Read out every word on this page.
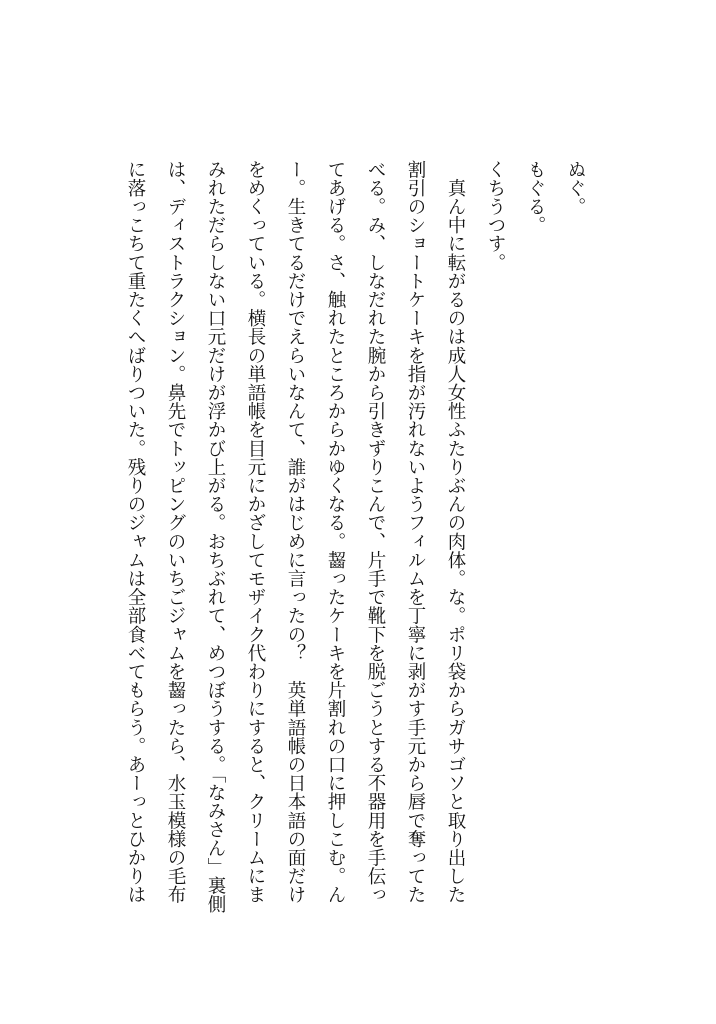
ぬぐ。
もぐる。
くちうつす。
　真ん中に転がるのは成人女性ふたりぶんの肉体。な。ポリ袋からガサゴソと取り出した
割引のショートケーキを指が汚れないようフィルムを丁寧に剥がす手元から唇で奪ってた
べる。み、しなだれた腕から引きずりこんで、片手で靴下を脱ごうとする不器用を手伝っ
てあげる。さ、触れたところからかゆくなる。齧ったケーキを片割れの口に押しこむ。ん
ー。生きてるだけでえらいなんて、誰がはじめに言ったの？　英単語帳の日本語の面だけ
をめくっている。横長の単語帳を目元にかざしてモザイク代わりにすると、クリームにま
みれただらしない口元だけが浮かび上がる。おちぶれて、めつぼうする。「なみさん」裏側
は、ディストラクション。鼻先でトッピングのいちごジャムを齧ったら、水玉模様の毛布
に落っこちて重たくへばりついた。残りのジャムは全部食べてもらう。あーっとひかりは
